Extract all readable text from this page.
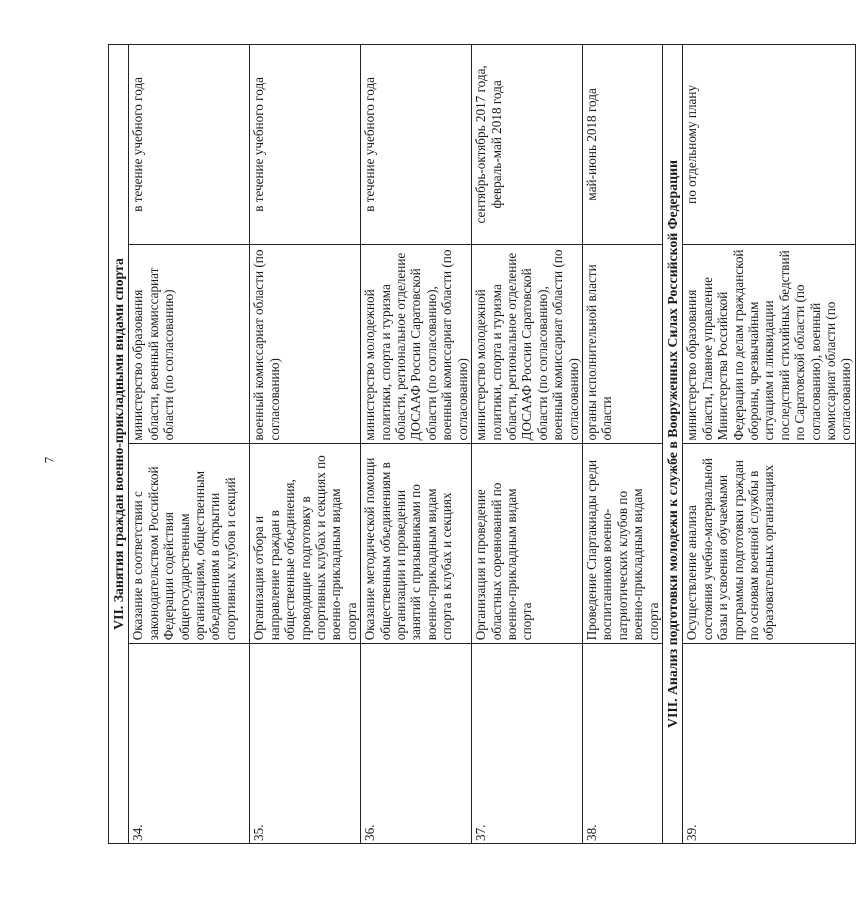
7	VII. Занятия граждан военно-прикладными видами спорта			
34.	Оказание в соответствии с законодательством Российской Федерации содействия общегосударственным организациям, общественным объединениям в открытии спортивных клубов и секций	министерство образования области, военный комиссариат области (по согласованию)	в течение учебного года
35.	Организация отбора и направление граждан в общественные объединения, проводящие подготовку в спортивных клубах и секциях по военно-прикладным видам спорта	военный комиссариат области (по согласованию)	в течение учебного года
36.	Оказание методической помощи общественным объединениям в организации и проведении занятий с призывниками по военно-прикладным видам спорта в клубах и секциях	министерство молодежной политики, спорта и туризма области, региональное отделение ДОСААФ России Саратовской области (по согласованию), военный комиссариат области (по согласованию)	в течение учебного года
37.	Организация и проведение областных соревнований по военно-прикладным видам спорта	министерство молодежной политики, спорта и туризма области, региональное отделение ДОСААФ России Саратовской области (по согласованию), военный комиссариат области (по согласованию)	сентябрь-октябрь 2017 года, февраль-май 2018 года
38.	Проведение Спартакиады среди воспитанников военно-патриотических клубов по военно-прикладным видам спорта	органы исполнительной власти области	май-июнь 2018 года
VIII. Анализ подготовки молодежи к службе в Вооруженных Силах Российской Федерации			
39.	Осуществление анализа состояния учебно-материальной базы и усвоения обучаемыми программы подготовки граждан по основам военной службы в образовательных организациях	министерство образования области, Главное управление Министерства Российской Федерации по делам гражданской обороны, чрезвычайным ситуациям и ликвидации последствий стихийных бедствий по Саратовской области (по согласованию), военный комиссариат области (по согласованию)	по отдельному плану
